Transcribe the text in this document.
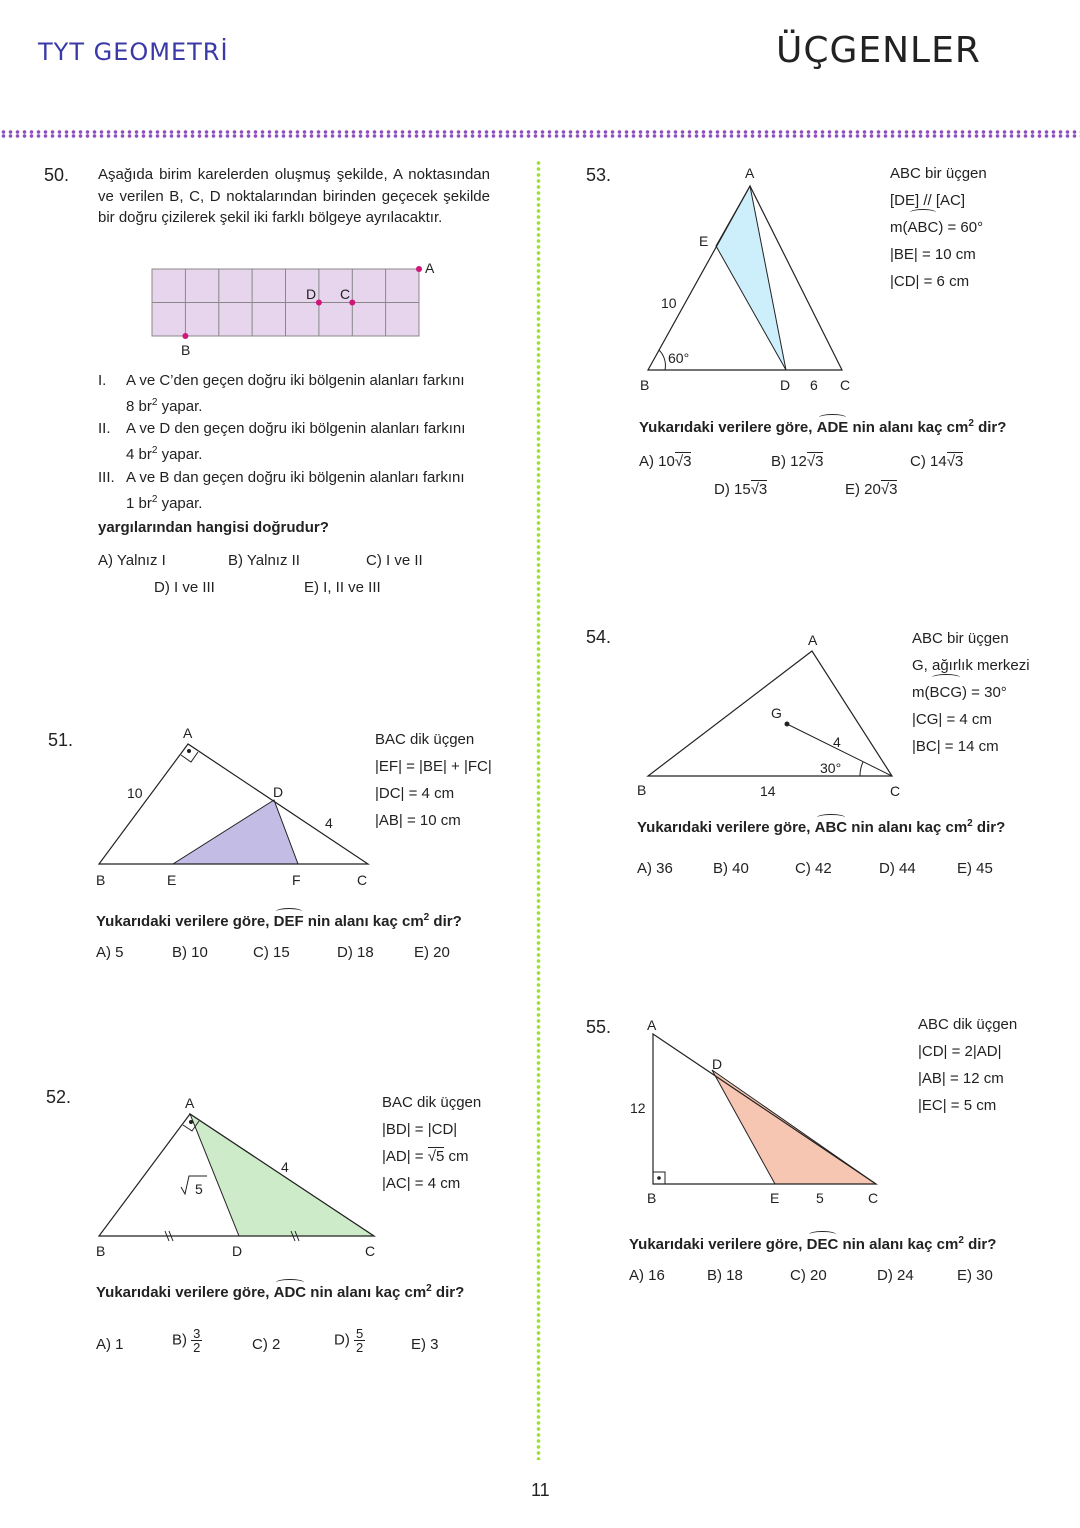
TYT GEOMETRİ	ÜÇGENLER
50. Aşağıda birim karelerden oluşmuş şekilde, A noktasından ve verilen B, C, D noktalarından birinden geçecek şekilde bir doğru çizilerek şekil iki farklı bölgeye ayrılacaktır.
A
B
C
D
I.	A ve C’den geçen doğru iki bölgenin alanları farkını
8 $br^2$ yapar.
II.	A ve D den geçen doğru iki bölgenin alanları farkını
4 $br^2$ yapar.
III. A ve B dan geçen doğru iki bölgenin alanları farkını
1 $br^2$ yapar.
yargılarından hangisi doğrudur?
A) Yalnız I	B) Yalnız II	C) I ve II
D) I ve III	E) I, II ve III
51.	A
B	C
D
E	F
10
4
BAC dik üçgen
|EF| = |BE| + |FC|
|DC| = 4 cm
|AB| = 10 cm
Yukarıdaki verilere göre, DEF nin alanı kaç $cm^2$ dir?
A) 5	B) 10	C) 15	D) 18	E) 20
52.	A
B	C
D
4
5
BAC dik üçgen
|BD| = |CD|
|AD| = √5 cm
|AC| = 4 cm
Yukarıdaki verilere göre, ADC nin alanı kaç $cm^2$ dir?
A) 1	$B) \frac{3}{2}$	C) 2	$D) \frac{5}{2}$	E) 3
53.	A
B	C
D
E
10
6
60°
ABC bir üçgen
[DE] // [AC]
m(ABC) = 60°
|BE| = 10 cm
|CD| = 6 cm
Yukarıdaki verilere göre, ADE nin alanı kaç $cm^2$ dir?
A) 10√3	B) 12√3	C) 14√3
D) 15√3	E) 20√3
54.	A
B	C
G
4
14
30°
ABC bir üçgen
G, ağırlık merkezi
m(BCG) = 30°
|CG| = 4 cm
|BC| = 14 cm
Yukarıdaki verilere göre, ABC nin alanı kaç $cm^2$ dir?
A) 36	B) 40	C) 42	D) 44	E) 45
55.	A
B	C
D
E
12
5
ABC dik üçgen
|CD| = 2|AD|
|AB| = 12 cm
|EC| = 5 cm
Yukarıdaki verilere göre, DEC nin alanı kaç $cm^2$ dir?
A) 16	B) 18	C) 20	D) 24	E) 30
11
